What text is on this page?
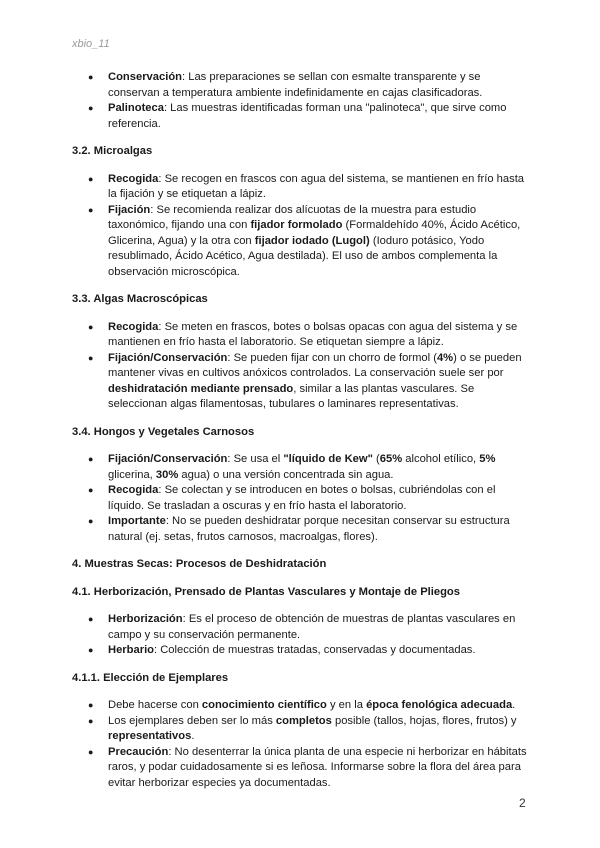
xbio_11
● Conservación: Las preparaciones se sellan con esmalte transparente y se conservan a temperatura ambiente indefinidamente en cajas clasificadoras.
● Palinoteca: Las muestras identificadas forman una "palinoteca", que sirve como referencia.

3.2. Microalgas

● Recogida: Se recogen en frascos con agua del sistema, se mantienen en frío hasta la fijación y se etiquetan a lápiz.
● Fijación: Se recomienda realizar dos alícuotas de la muestra para estudio taxonómico, fijando una con fijador formolado (Formaldehído 40%, Ácido Acético, Glicerina, Agua) y la otra con fijador iodado (Lugol) (Ioduro potásico, Yodo resublimado, Ácido Acético, Agua destilada). El uso de ambos complementa la observación microscópica.

3.3. Algas Macroscópicas

● Recogida: Se meten en frascos, botes o bolsas opacas con agua del sistema y se mantienen en frío hasta el laboratorio. Se etiquetan siempre a lápiz.
● Fijación/Conservación: Se pueden fijar con un chorro de formol (4%) o se pueden mantener vivas en cultivos anóxicos controlados. La conservación suele ser por deshidratación mediante prensado, similar a las plantas vasculares. Se seleccionan algas filamentosas, tubulares o laminares representativas.

3.4. Hongos y Vegetales Carnosos

● Fijación/Conservación: Se usa el "líquido de Kew" (65% alcohol etílico, 5% glicerina, 30% agua) o una versión concentrada sin agua.
● Recogida: Se colectan y se introducen en botes o bolsas, cubriéndolas con el líquido. Se trasladan a oscuras y en frío hasta el laboratorio.
● Importante: No se pueden deshidratar porque necesitan conservar su estructura natural (ej. setas, frutos carnosos, macroalgas, flores).

4. Muestras Secas: Procesos de Deshidratación

4.1. Herborización, Prensado de Plantas Vasculares y Montaje de Pliegos

● Herborización: Es el proceso de obtención de muestras de plantas vasculares en campo y su conservación permanente.
● Herbario: Colección de muestras tratadas, conservadas y documentadas.

4.1.1. Elección de Ejemplares

● Debe hacerse con conocimiento científico y en la época fenológica adecuada.
● Los ejemplares deben ser lo más completos posible (tallos, hojas, flores, frutos) y representativos.
● Precaución: No desenterrar la única planta de una especie ni herborizar en hábitats raros, y podar cuidadosamente si es leñosa. Informarse sobre la flora del área para evitar herborizar especies ya documentadas.
2
